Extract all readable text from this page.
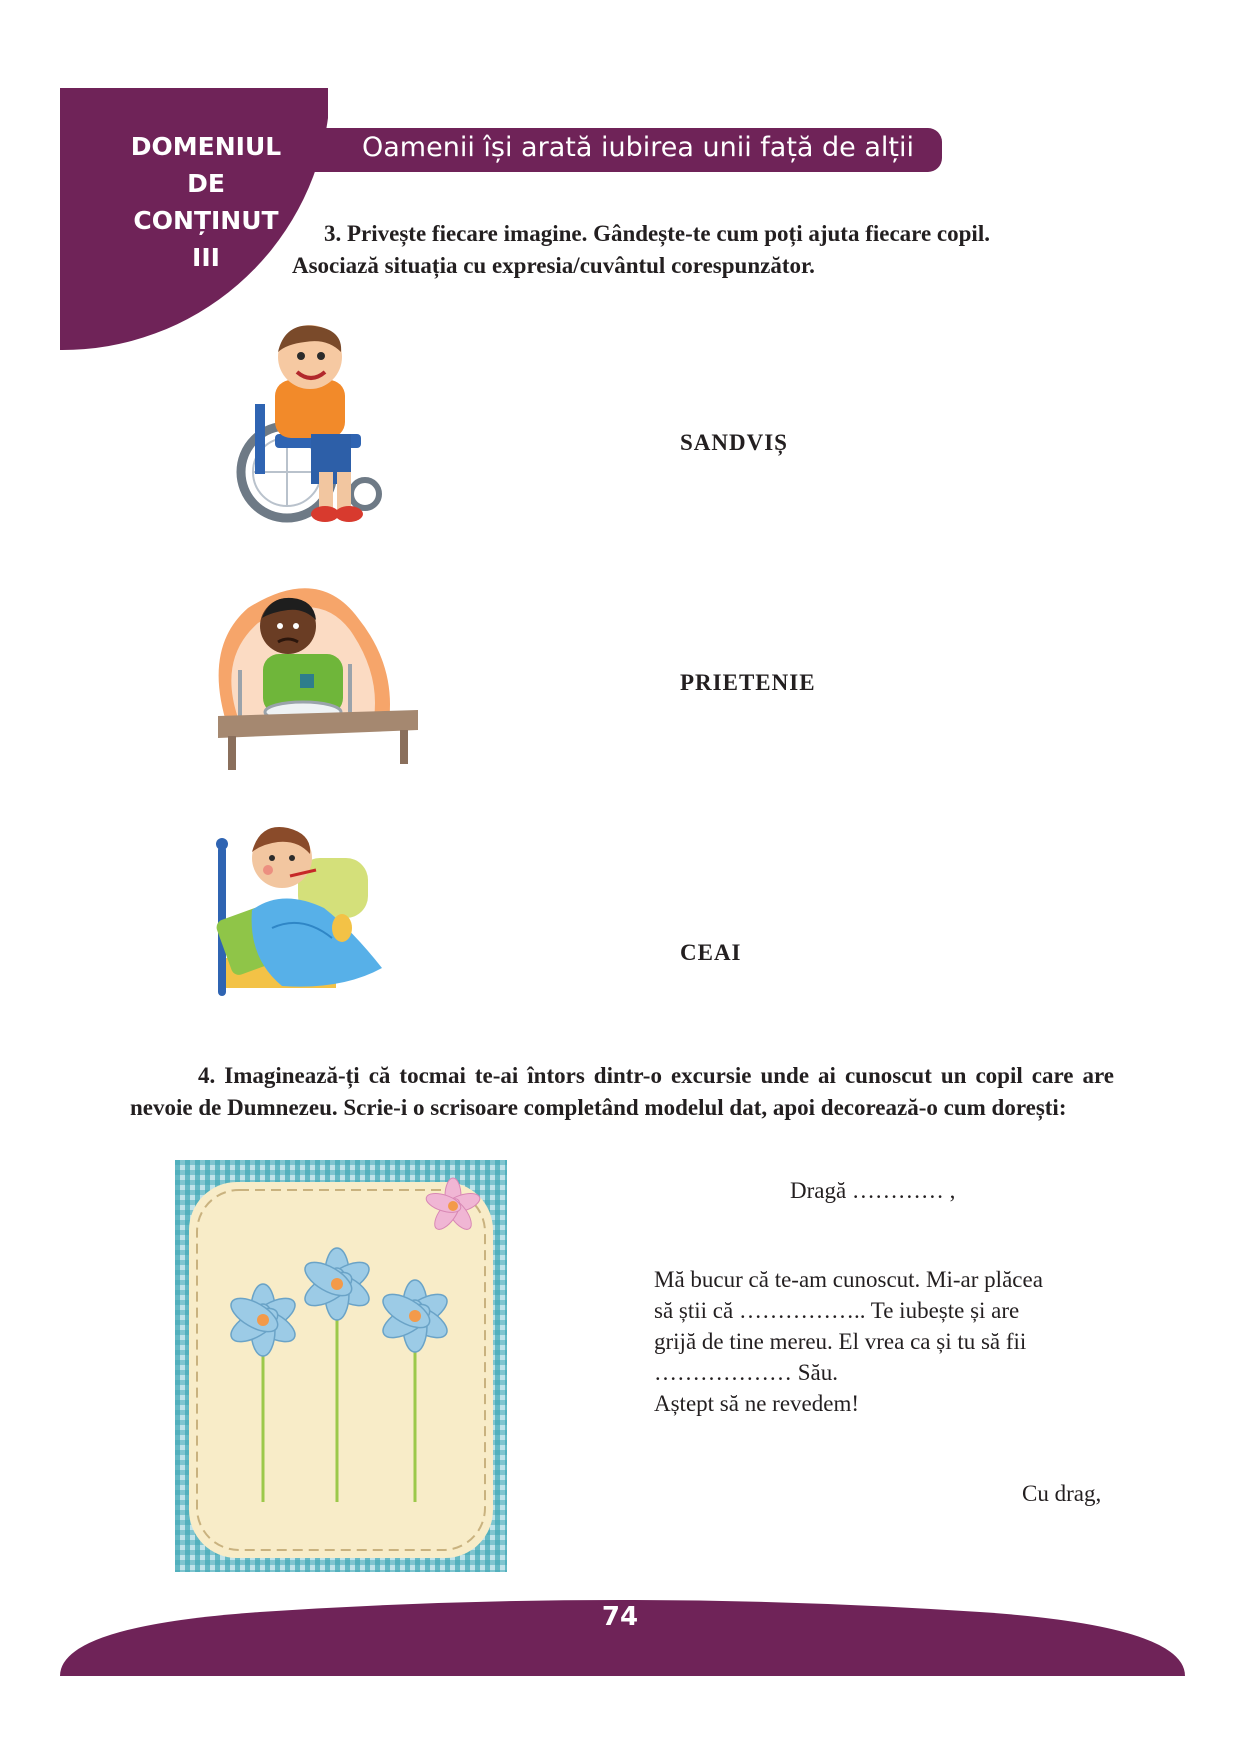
DOMENIUL
DE
CONȚINUT
III
Oamenii își arată iubirea unii față de alții
3. Privește fiecare imagine. Gândește-te cum poți ajuta fiecare copil.
Asociază situația cu expresia/cuvântul corespunzător.
SANDVIȘ
PRIETENIE
CEAI
4. Imaginează-ți că tocmai te-ai întors dintr-o excursie unde ai cunoscut un copil care are nevoie de Dumnezeu. Scrie-i o scrisoare completând modelul dat, apoi decorează-o cum dorești:
Dragă ………… ,
Mă bucur că te-am cunoscut. Mi-ar plăcea
să știi că …………….. Te iubește și are
grijă de tine mereu. El vrea ca și tu să fii
……………… Său.
Aștept să ne revedem!
Cu drag,
74
